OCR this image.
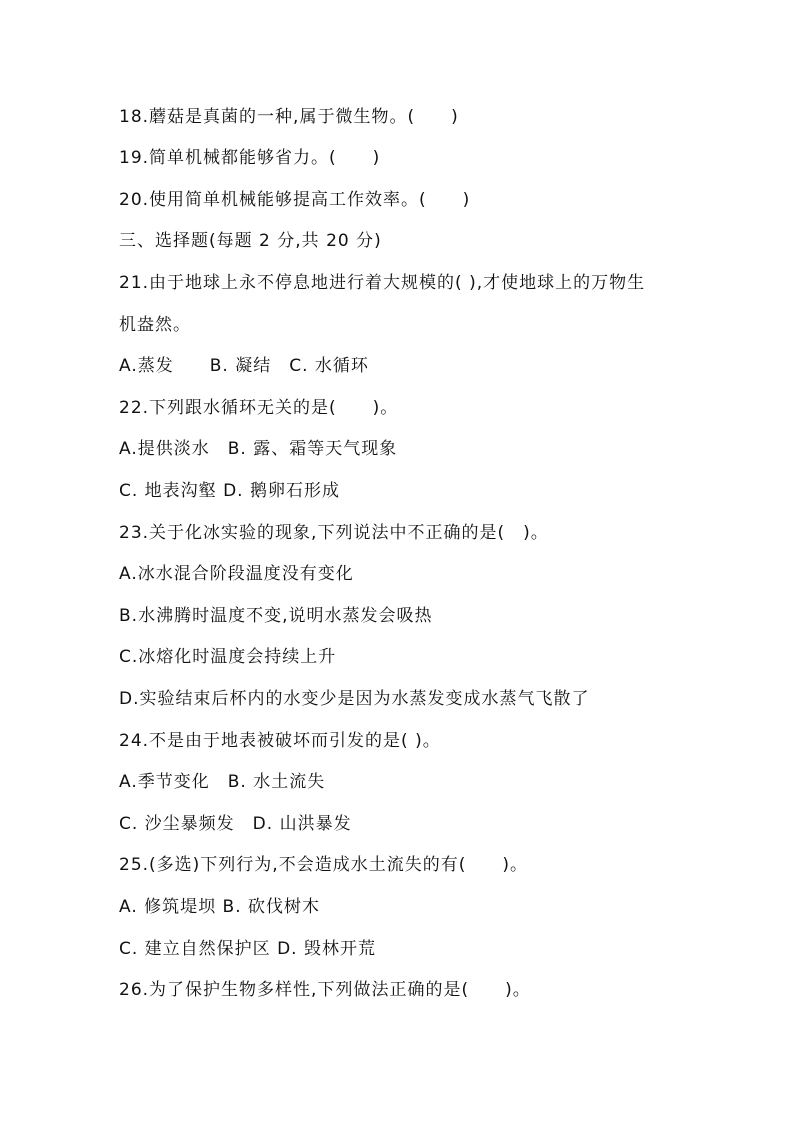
18.蘑菇是真菌的一种,属于微生物。(　　)
19.简单机械都能够省力。(　　)
20.使用简单机械能够提高工作效率。(　　)
三、选择题(每题 2 分,共 20 分)
21.由于地球上永不停息地进行着大规模的( ),才使地球上的万物生
机盎然。
A.蒸发　　B. 凝结　C. 水循环
22.下列跟水循环无关的是(　　)。
A.提供淡水　B. 露、霜等天气现象
C. 地表沟壑 D. 鹅卵石形成
23.关于化冰实验的现象,下列说法中不正确的是(　)。
A.冰水混合阶段温度没有变化
B.水沸腾时温度不变,说明水蒸发会吸热
C.冰熔化时温度会持续上升
D.实验结束后杯内的水变少是因为水蒸发变成水蒸气飞散了
24.不是由于地表被破坏而引发的是( )。
A.季节变化　B. 水土流失
C. 沙尘暴频发　D. 山洪暴发
25.(多选)下列行为,不会造成水土流失的有(　　)。
A. 修筑堤坝 B. 砍伐树木
C. 建立自然保护区 D. 毁林开荒
26.为了保护生物多样性,下列做法正确的是(　　)。
